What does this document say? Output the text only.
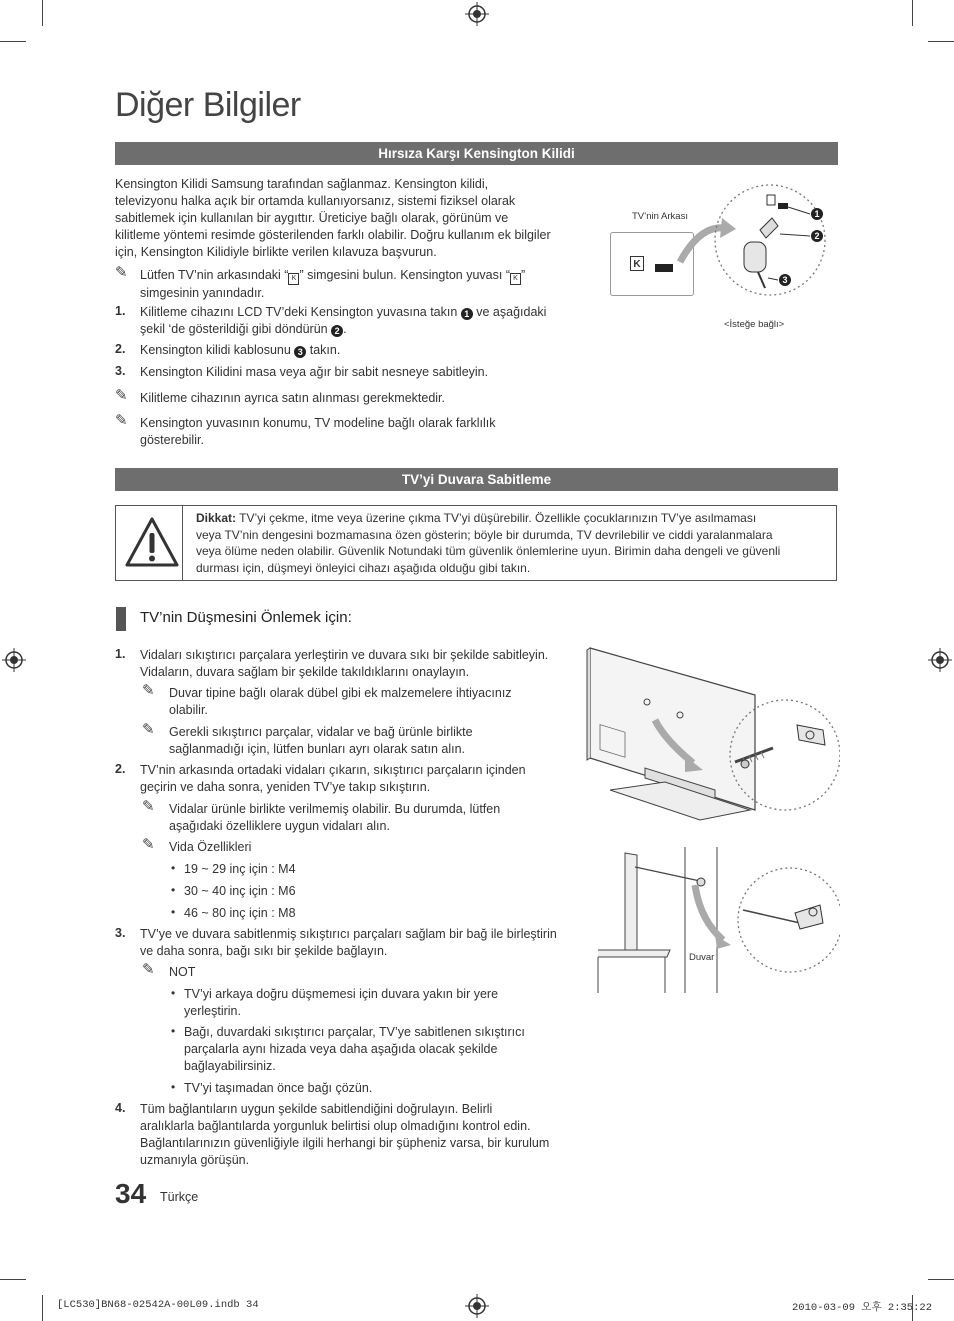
Diğer Bilgiler
Hırsıza Karşı Kensington Kilidi
Kensington Kilidi Samsung tarafından sağlanmaz. Kensington kilidi,
televizyonu halka açık bir ortamda kullanıyorsanız, sistemi fiziksel olarak
sabitlemek için kullanılan bir aygıttır. Üreticiye bağlı olarak, görünüm ve
kilitleme yöntemi resimde gösterilenden farklı olabilir. Doğru kullanım ek bilgiler
için, Kensington Kilidiyle birlikte verilen kılavuza başvurun.
✎ Lütfen TV’nin arkasındaki “ K ” simgesini bulun. Kensington yuvası “ K ”
simgesinin yanındadır.
1. Kilitleme cihazını LCD TV’deki Kensington yuvasına takın 1 ve aşağıdaki
şekil ‘de gösterildiği gibi döndürün 2 .
2. Kensington kilidi kablosunu 3 takın.
3. Kensington Kilidini masa veya ağır bir sabit nesneye sabitleyin.
✎ Kilitleme cihazının ayrıca satın alınması gerekmektedir.
✎ Kensington yuvasının konumu, TV modeline bağlı olarak farklılık
gösterebilir.
TV’nin Arkası
<İsteğe bağlı>
K
1
2
3
TV’yi Duvara Sabitleme
Dikkat: TV’yi çekme, itme veya üzerine çıkma TV’yi düşürebilir. Özellikle çocuklarınızın TV’ye asılmaması
veya TV’nin dengesini bozmamasına özen gösterin; böyle bir durumda, TV devrilebilir ve ciddi yaralanmalara
veya ölüme neden olabilir. Güvenlik Notundaki tüm güvenlik önlemlerine uyun. Birimin daha dengeli ve güvenli
durması için, düşmeyi önleyici cihazı aşağıda olduğu gibi takın.
TV’nin Düşmesini Önlemek için:
1. Vidaları sıkıştırıcı parçalara yerleştirin ve duvara sıkı bir şekilde sabitleyin.
Vidaların, duvara sağlam bir şekilde takıldıklarını onaylayın.
✎ Duvar tipine bağlı olarak dübel gibi ek malzemelere ihtiyacınız
olabilir.
✎ Gerekli sıkıştırıcı parçalar, vidalar ve bağ ürünle birlikte
sağlanmadığı için, lütfen bunları ayrı olarak satın alın.
2. TV’nin arkasında ortadaki vidaları çıkarın, sıkıştırıcı parçaların içinden
geçirin ve daha sonra, yeniden TV’ye takıp sıkıştırın.
✎ Vidalar ürünle birlikte verilmemiş olabilir. Bu durumda, lütfen
aşağıdaki özelliklere uygun vidaları alın.
✎ Vida Özellikleri
• 19 ~ 29 inç için : M4
• 30 ~ 40 inç için : M6
• 46 ~ 80 inç için : M8
3. TV’ye ve duvara sabitlenmiş sıkıştırıcı parçaları sağlam bir bağ ile birleştirin
ve daha sonra, bağı sıkı bir şekilde bağlayın.
✎ NOT
• TV’yi arkaya doğru düşmemesi için duvara yakın bir yere
yerleştirin.
• Bağı, duvardaki sıkıştırıcı parçalar, TV’ye sabitlenen sıkıştırıcı
parçalarla aynı hizada veya daha aşağıda olacak şekilde
bağlayabilirsiniz.
• TV’yi taşımadan önce bağı çözün.
4. Tüm bağlantıların uygun şekilde sabitlendiğini doğrulayın. Belirli
aralıklarla bağlantılarda yorgunluk belirtisi olup olmadığını kontrol edin.
Bağlantılarınızın güvenliğiyle ilgili herhangi bir şüpheniz varsa, bir kurulum
uzmanıyla görüşün.
Duvar
34 Türkçe
[LC530]BN68-02542A-00L09.indb 34	2010-03-09 오후 2:35:22
